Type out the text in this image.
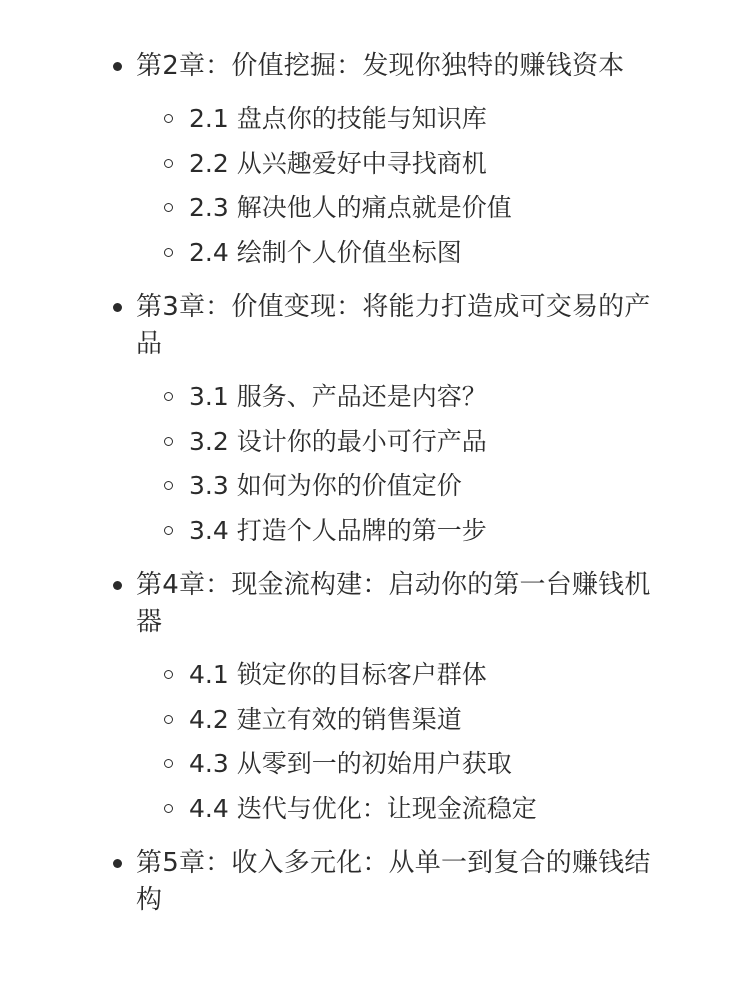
第2章：价值挖掘：发现你独特的赚钱资本
2.1 盘点你的技能与知识库
2.2 从兴趣爱好中寻找商机
2.3 解决他人的痛点就是价值
2.4 绘制个人价值坐标图
第3章：价值变现：将能力打造成可交易的产品
3.1 服务、产品还是内容？
3.2 设计你的最小可行产品
3.3 如何为你的价值定价
3.4 打造个人品牌的第一步
第4章：现金流构建：启动你的第一台赚钱机器
4.1 锁定你的目标客户群体
4.2 建立有效的销售渠道
4.3 从零到一的初始用户获取
4.4 迭代与优化：让现金流稳定
第5章：收入多元化：从单一到复合的赚钱结构
